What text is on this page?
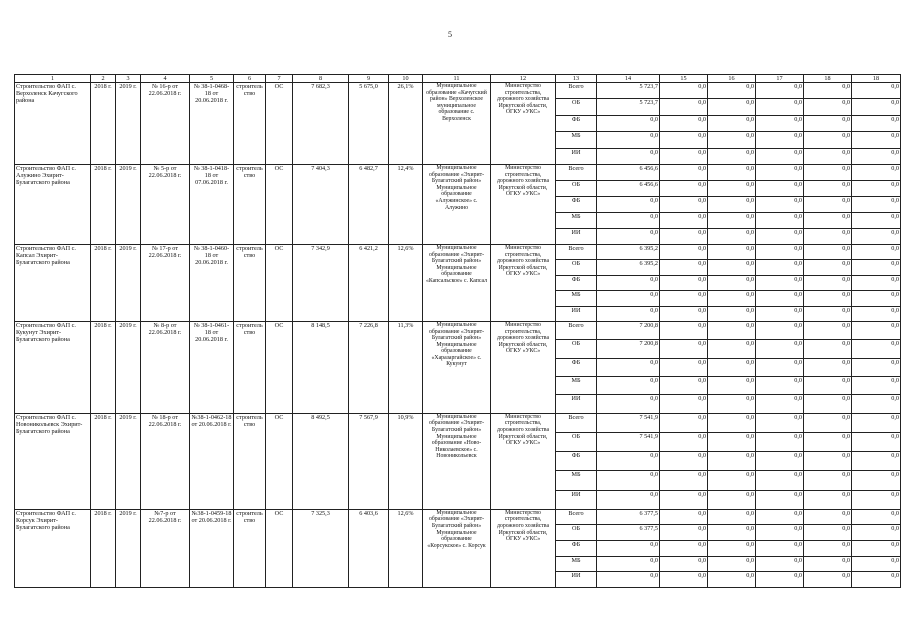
5
1	2	3	4	5	6	7	8	9	10	11	12	13	14	15	16	17	18	18
Строительство ФАП с. Верхоленск Качугского района	2018 г.	2019 г.	№ 16-р от 22.06.2018 г.	№ 38-1-0468-18 от 20.06.2018 г.	строительство	ОС	7 682,3	5 675,0	26,1%	Муниципальное образование «Качугский район» Верхоленское муниципальное образование с. Верхоленск	Министерство строительства, дорожного хозяйства Иркутской области, ОГКУ «УКС»	Всего	5 723,7	0,0	0,0	0,0	0,0	0,0
												ОБ	5 723,7	0,0	0,0	0,0	0,0	0,0
												ФБ	0,0	0,0	0,0	0,0	0,0	0,0
												МБ	0,0	0,0	0,0	0,0	0,0	0,0
												ИИ	0,0	0,0	0,0	0,0	0,0	0,0
Строительство ФАП с. Алужино Эхирит-Булагатского района	2018 г.	2019 г.	№ 5-р от 22.06.2018 г.	№ 38-1-0418-18 от 07.06.2018 г.	строительство	ОС	7 404,3	6 482,7	12,4%	Муниципальное образование «Эхирит-Булагатский район» Муниципальное образование «Алужинское» с. Алужино	Министерство строительства, дорожного хозяйства Иркутской области, ОГКУ «УКС»	Всего	6 456,6	0,0	0,0	0,0	0,0	0,0
												ОБ	6 456,6	0,0	0,0	0,0	0,0	0,0
												ФБ	0,0	0,0	0,0	0,0	0,0	0,0
												МБ	0,0	0,0	0,0	0,0	0,0	0,0
												ИИ	0,0	0,0	0,0	0,0	0,0	0,0
Строительство ФАП с. Капсал Эхирит-Булагатского района	2018 г.	2019 г.	№ 17-р от 22.06.2018 г.	№ 38-1-0460-18 от 20.06.2018 г.	строительство	ОС	7 342,9	6 421,2	12,6%	Муниципальное образование «Эхирит-Булагатский район» Муниципальное образование «Капсальское» с. Капсал	Министерство строительства, дорожного хозяйства Иркутской области, ОГКУ «УКС»	Всего	6 395,2	0,0	0,0	0,0	0,0	0,0
												ОБ	6 395,2	0,0	0,0	0,0	0,0	0,0
												ФБ	0,0	0,0	0,0	0,0	0,0	0,0
												МБ	0,0	0,0	0,0	0,0	0,0	0,0
												ИИ	0,0	0,0	0,0	0,0	0,0	0,0
Строительство ФАП с. Кукунут Эхирит-Булагатского района	2018 г.	2019 г.	№ 8-р от 22.06.2018 г.	№ 38-1-0461-18 от 20.06.2018 г.	строительство	ОС	8 148,5	7 226,8	11,3%	Муниципальное образование «Эхирит-Булагатский район» Муниципальное образование «Харазаргайское» с. Кукунут	Министерство строительства, дорожного хозяйства Иркутской области, ОГКУ «УКС»	Всего	7 200,8	0,0	0,0	0,0	0,0	0,0
												ОБ	7 200,8	0,0	0,0	0,0	0,0	0,0
												ФБ	0,0	0,0	0,0	0,0	0,0	0,0
												МБ	0,0	0,0	0,0	0,0	0,0	0,0
												ИИ	0,0	0,0	0,0	0,0	0,0	0,0
Строительство ФАП с. Новоникольевск Эхирит-Булагатского района	2018 г.	2019 г.	№ 18-р от 22.06.2018 г.	№38-1-0462-18 от 20.06.2018 г.	строительство	ОС	8 492,5	7 567,9	10,9%	Муниципальное образование «Эхирит-Булагатский район» Муниципальное образование «Ново-Николаевское» с. Новоникольевск	Министерство строительства, дорожного хозяйства Иркутской области, ОГКУ «УКС»	Всего	7 541,9	0,0	0,0	0,0	0,0	0,0
												ОБ	7 541,9	0,0	0,0	0,0	0,0	0,0
												ФБ	0,0	0,0	0,0	0,0	0,0	0,0
												МБ	0,0	0,0	0,0	0,0	0,0	0,0
												ИИ	0,0	0,0	0,0	0,0	0,0	0,0
Строительство ФАП с. Корсук Эхирит-Булагатского района	2018 г.	2019 г.	№7-р от 22.06.2018 г.	№38-1-0459-18 от 20.06.2018 г.	строительство	ОС	7 325,3	6 403,6	12,6%	Муниципальное образование «Эхирит-Булагатский район» Муниципальное образование «Корсукское» с. Корсук	Министерство строительства, дорожного хозяйства Иркутской области, ОГКУ «УКС»	Всего	6 377,5	0,0	0,0	0,0	0,0	0,0
												ОБ	6 377,5	0,0	0,0	0,0	0,0	0,0
												ФБ	0,0	0,0	0,0	0,0	0,0	0,0
												МБ	0,0	0,0	0,0	0,0	0,0	0,0
												ИИ	0,0	0,0	0,0	0,0	0,0	0,0
